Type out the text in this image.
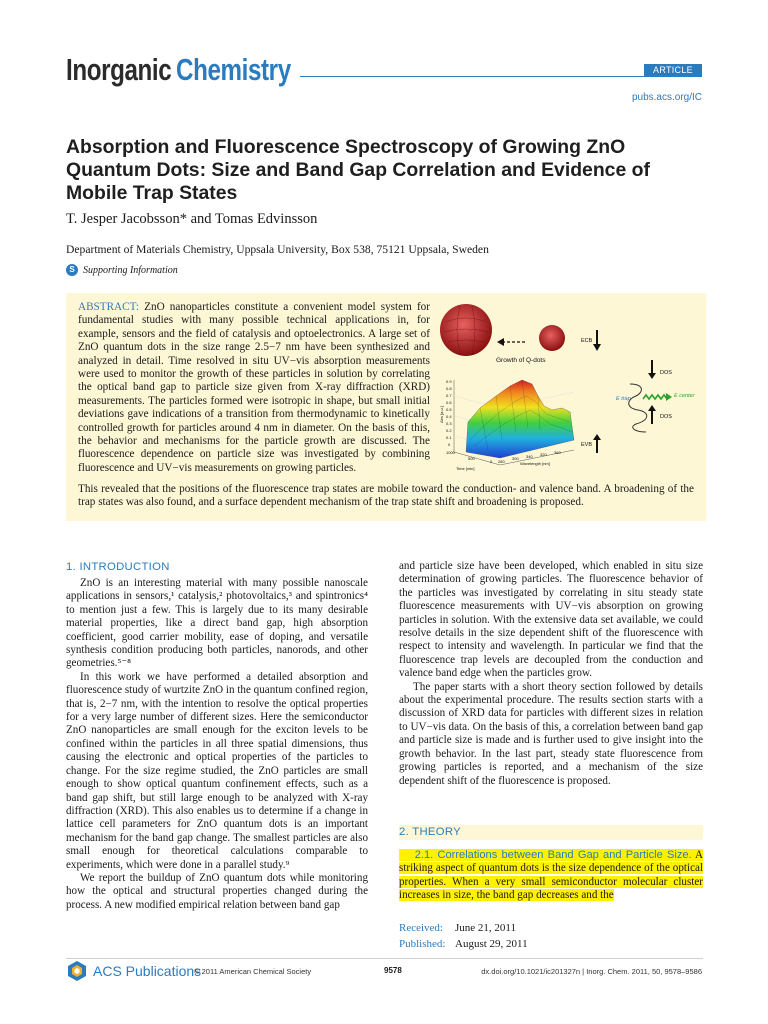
Inorganic Chemistry	ARTICLE
pubs.acs.org/IC
Absorption and Fluorescence Spectroscopy of Growing ZnO Quantum Dots: Size and Band Gap Correlation and Evidence of Mobile Trap States
T. Jesper Jacobsson* and Tomas Edvinsson
Department of Materials Chemistry, Uppsala University, Box 538, 75121 Uppsala, Sweden
S Supporting Information
ABSTRACT: ZnO nanoparticles constitute a convenient model system for fundamental studies with many possible technical applications in, for example, sensors and the field of catalysis and optoelectronics. A large set of ZnO quantum dots in the size range 2.5−7 nm have been synthesized and analyzed in detail. Time resolved in situ UV−vis absorption measurements were used to monitor the growth of these particles in solution by correlating the optical band gap to particle size given from X-ray diffraction (XRD) measurements. The particles formed were isotropic in shape, but small initial deviations gave indications of a transition from thermodynamic to kinetically controlled growth for particles around 4 nm in diameter. On the basis of this, the behavior and mechanisms for the particle growth are discussed. The fluorescence dependence on particle size was investigated by combining fluorescence and UV−vis measurements on growing particles.
This revealed that the positions of the fluorescence trap states are mobile toward the conduction- and valence band. A broadening of the trap states was also found, and a surface dependent mechanism of the trap state shift and broadening is proposed.
Growth of Q-dots
ECB
DOS
E trap	E center
DOS
EVB
Abs [a.u.]
0.9
0.8
0.7
0.6
0.5
0.4
0.3
0.2
0.1
0
1000
500
0 280
300 340 320 360
Time [min]
Wavelength [nm]
1. INTRODUCTION

ZnO is an interesting material with many possible nanoscale applications in sensors,¹ catalysis,² photovoltaics,³ and spintronics⁴ to mention just a few. This is largely due to its many desirable material properties, like a direct band gap, high absorption coefficient, good carrier mobility, ease of doping, and versatile synthesis condition producing both particles, nanorods, and other geometries.⁵⁻⁸

In this work we have performed a detailed absorption and fluorescence study of wurtzite ZnO in the quantum confined region, that is, 2−7 nm, with the intention to resolve the optical properties for a very large number of different sizes. Here the semiconductor ZnO nanoparticles are small enough for the exciton levels to be confined within the particles in all three spatial dimensions, thus causing the electronic and optical properties of the particles to change. For the size regime studied, the ZnO particles are small enough to show optical quantum confinement effects, such as a band gap shift, but still large enough to be analyzed with X-ray diffraction (XRD). This also enables us to determine if a change in lattice cell parameters for ZnO quantum dots is an important mechanism for the band gap change. The smallest particles are also small enough for theoretical calculations comparable to experiments, which were done in a parallel study.⁹

We report the buildup of ZnO quantum dots while monitoring how the optical and structural properties changed during the process. A new modified empirical relation between band gap

and particle size have been developed, which enabled in situ size determination of growing particles. The fluorescence behavior of the particles was investigated by correlating in situ steady state fluorescence measurements with UV−vis absorption on growing particles in solution. With the extensive data set available, we could resolve details in the size dependent shift of the fluorescence with respect to intensity and wavelength. In particular we find that the fluorescence trap levels are decoupled from the conduction and valence band edge when the particles grow.

The paper starts with a short theory section followed by details about the experimental procedure. The results section starts with a discussion of XRD data for particles with different sizes in relation to UV−vis data. On the basis of this, a correlation between band gap and particle size is made and is further used to give insight into the growth behavior. In the last part, steady state fluorescence from growing particles is reported, and a mechanism of the size dependent shift of the fluorescence is proposed.

2. THEORY
2.1. Correlations between Band Gap and Particle Size. A striking aspect of quantum dots is the size dependence of the optical properties. When a very small semiconductor molecular cluster increases in size, the band gap decreases and the
Received: June 21, 2011
Published: August 29, 2011
ACS Publications
© 2011 American Chemical Society	9578	dx.doi.org/10.1021/ic201327n | Inorg. Chem. 2011, 50, 9578–9586
